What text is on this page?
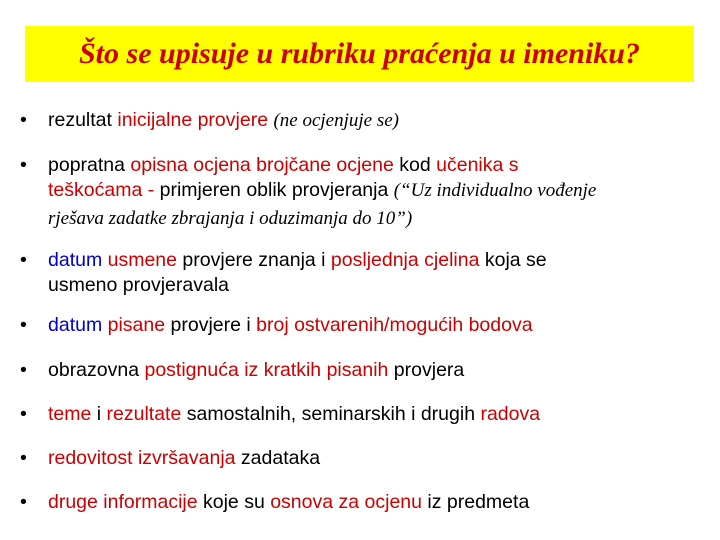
Što se upisuje u rubriku praćenja u imeniku?
•	rezultat inicijalne provjere (ne ocjenjuje se)
•	popratna opisna ocjena brojčane ocjene kod učenika s
teškoćama - primjeren oblik provjeranja (“Uz individualno vođenje
rješava zadatke zbrajanja i oduzimanja do 10”)
•	datum usmene provjere znanja i posljednja cjelina koja se
usmeno provjeravala
•	datum pisane provjere i broj ostvarenih/mogućih bodova
•	obrazovna postignuća iz kratkih pisanih provjera
•	teme i rezultate samostalnih, seminarskih i drugih radova
•	redovitost izvršavanja zadataka
•	druge informacije koje su osnova za ocjenu iz predmeta
